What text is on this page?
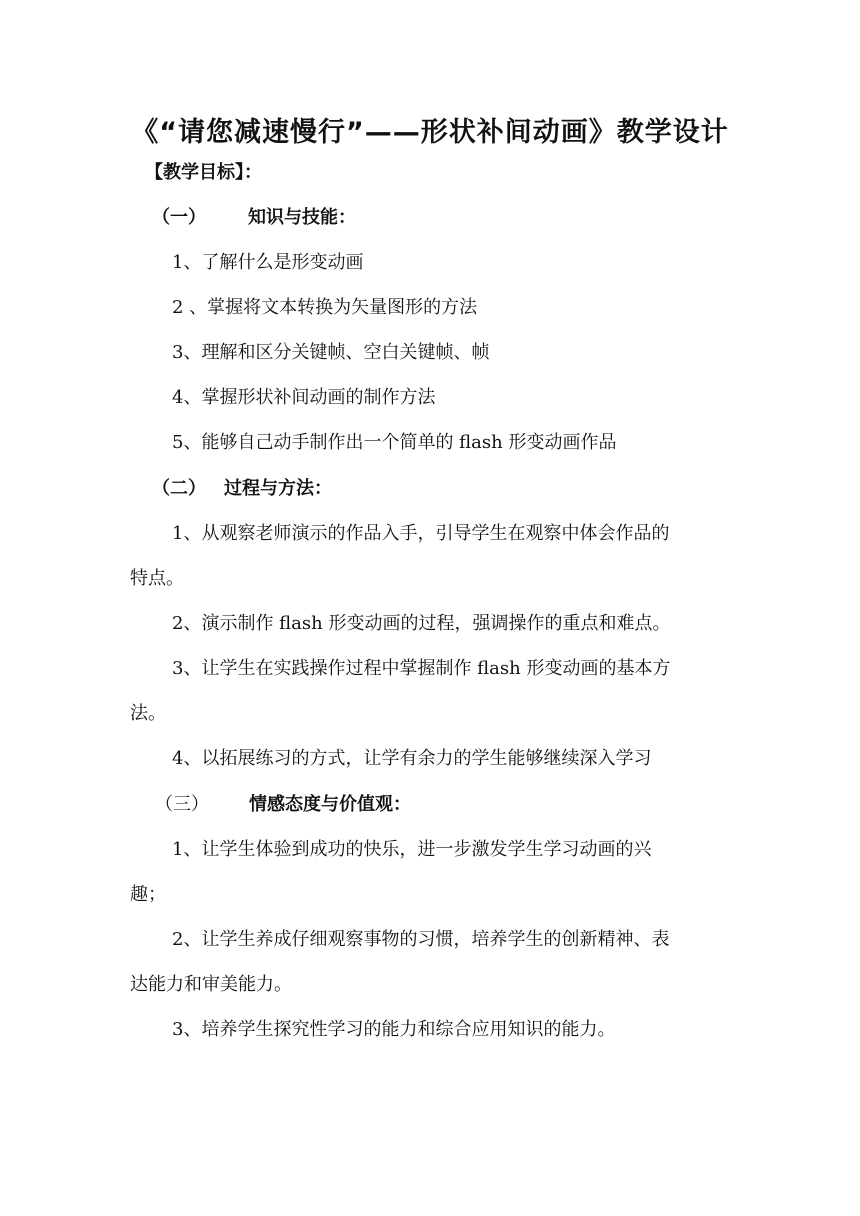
《“请您减速慢行”——形状补间动画》教学设计
【教学目标】：
（一） 知识与技能：
1、了解什么是形变动画
2 、掌握将文本转换为矢量图形的方法
3、理解和区分关键帧、空白关键帧、帧
4、掌握形状补间动画的制作方法
5、能够自己动手制作出一个简单的 flash 形变动画作品
（二） 过程与方法：
1、从观察老师演示的作品入手，引导学生在观察中体会作品的
特点。
2、演示制作 flash 形变动画的过程，强调操作的重点和难点。
3、让学生在实践操作过程中掌握制作 flash 形变动画的基本方
法。
4、以拓展练习的方式，让学有余力的学生能够继续深入学习
（三） 情感态度与价值观：
1、让学生体验到成功的快乐，进一步激发学生学习动画的兴
趣；
2、让学生养成仔细观察事物的习惯，培养学生的创新精神、表
达能力和审美能力。
3、培养学生探究性学习的能力和综合应用知识的能力。
